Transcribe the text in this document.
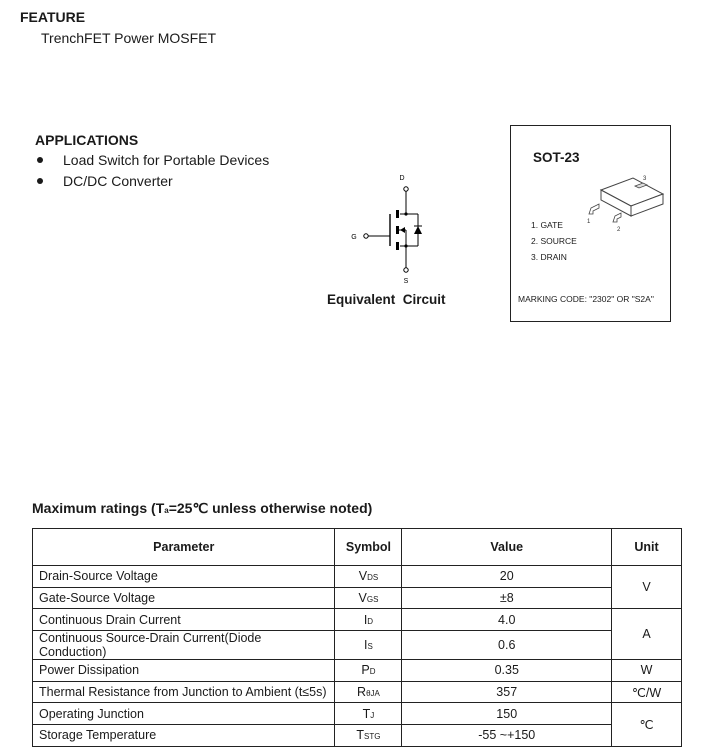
FEATURE
TrenchFET Power MOSFET
APPLICATIONS
Load Switch for Portable Devices
DC/DC Converter	D
G
S
Equivalent  Circuit
SOT-23
1
2
3
1. GATE
2. SOURCE
3. DRAIN
MARKING CODE: "2302" OR "S2A"
Maximum ratings (Ta=25℃ unless otherwise noted)
Parameter	Symbol	Value	Unit
Drain-Source Voltage	VDS	20	V
Gate-Source Voltage	VGS	±8	
Continuous Drain Current	ID	4.0	A
Continuous Source-Drain Current(Diode Conduction)	IS	0.6	
Power Dissipation	PD	0.35	W
Thermal Resistance from Junction to Ambient (t≤5s)	RθJA	357	℃/W
Operating Junction	TJ	150	℃
Storage Temperature	TSTG	-55 ~+150	
